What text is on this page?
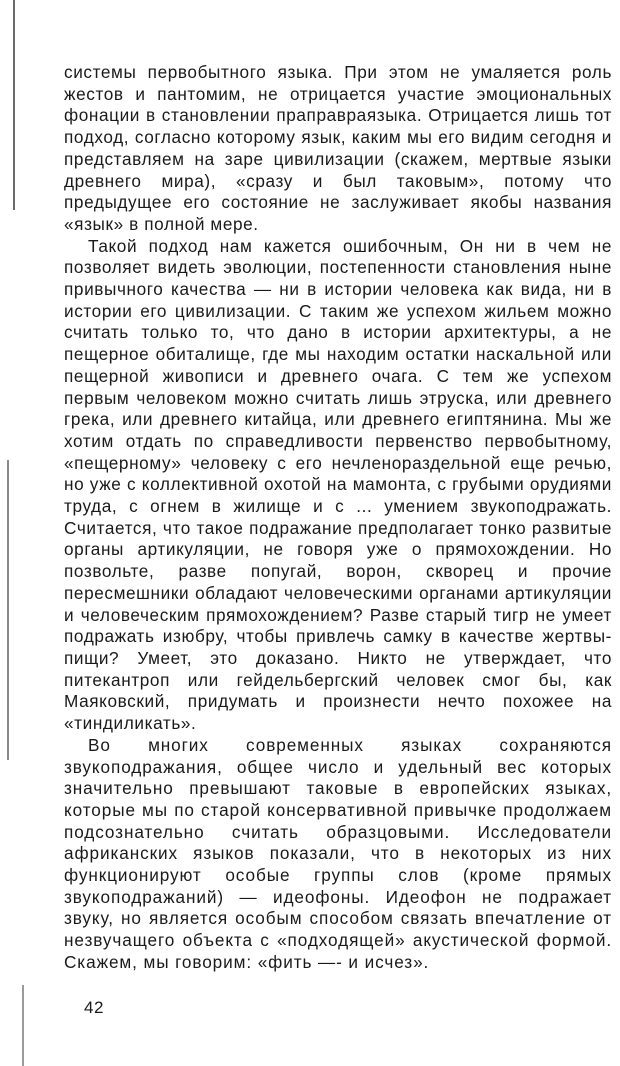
системы первобытного языка. При этом не умаляется роль жестов и пантомим, не отрицается участие эмоциональных фонации в становлении праправраязыка. Отрицается лишь тот подход, согласно которому язык, каким мы его видим сегодня и представляем на заре цивилизации (скажем, мертвые языки древнего мира), «сразу и был таковым», потому что предыдущее его состояние не заслуживает якобы названия «язык» в полной мере.

Такой подход нам кажется ошибочным, Он ни в чем не позволяет видеть эволюции, постепенности становления ныне привычного качества — ни в истории человека как вида, ни в истории его цивилизации. С таким же успехом жильем можно считать только то, что дано в истории архитектуры, а не пещерное обиталище, где мы находим остатки наскальной или пещерной живописи и древнего очага. С тем же успехом первым человеком можно считать лишь этруска, или древнего грека, или древнего китайца, или древнего египтянина. Мы же хотим отдать по справедливости первенство первобытному, «пещерному» человеку с его нечленораздельной еще речью, но уже с коллективной охотой на мамонта, с грубыми орудиями труда, с огнем в жилище и с ... умением звукоподражать. Считается, что такое подражание предполагает тонко развитые органы артикуляции, не говоря уже о прямохождении. Но позвольте, разве попугай, ворон, скворец и прочие пересмешники обладают человеческими органами артикуляции и человеческим прямохождением? Разве старый тигр не умеет подражать изюбру, чтобы привлечь самку в качестве жертвы-пищи? Умеет, это доказано. Никто не утверждает, что питекантроп или гейдельбергский человек смог бы, как Маяковский, придумать и произнести нечто похожее на «тиндиликать».

Во многих современных языках сохраняются звукоподражания, общее число и удельный вес которых значительно превышают таковые в европейских языках, которые мы по старой консервативной привычке продолжаем подсознательно считать образцовыми. Исследователи африканских языков показали, что в некоторых из них функционируют особые группы слов (кроме прямых звукоподражаний) — идеофоны. Идеофон не подражает звуку, но является особым способом связать впечатление от незвучащего объекта с «подходящей» акустической формой. Скажем, мы говорим: «фить —- и исчез».

42
